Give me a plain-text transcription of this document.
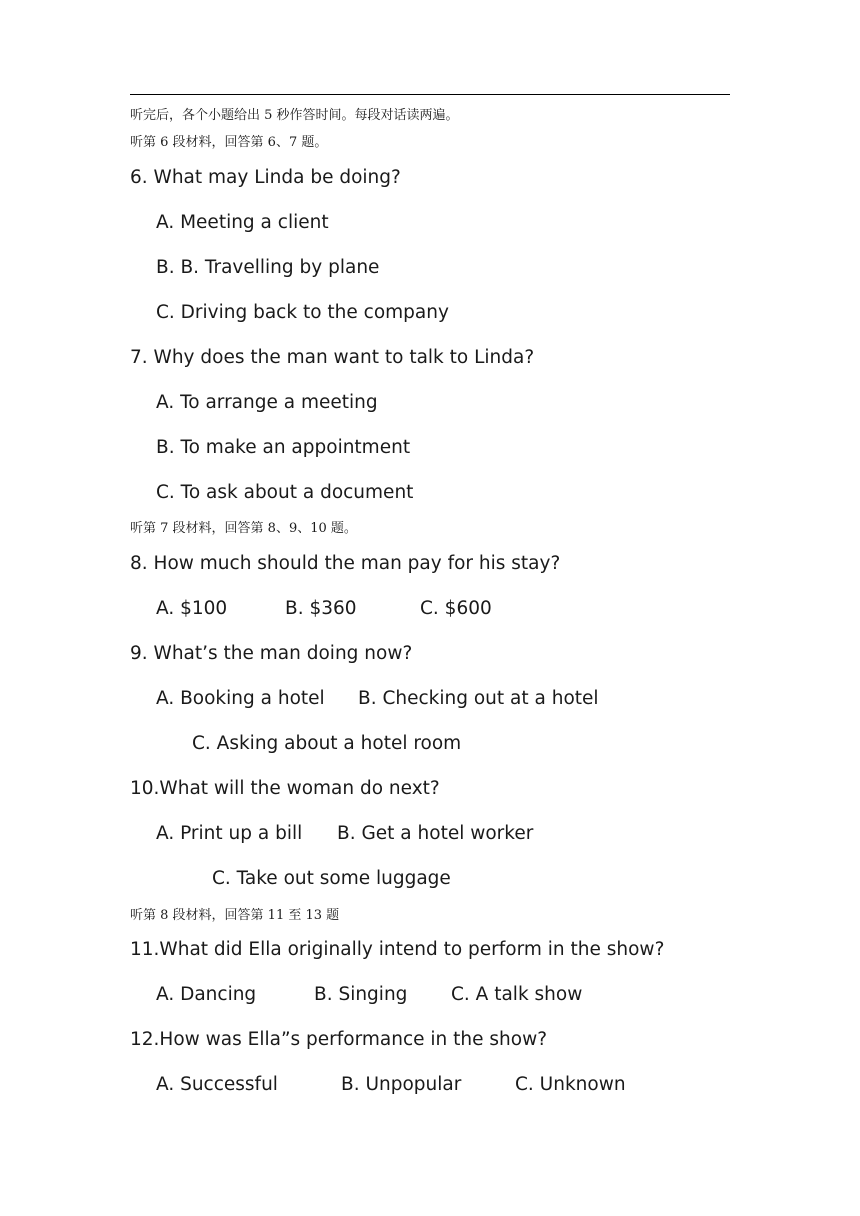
听完后，各个小题给出 5 秒作答时间。每段对话读两遍。
听第 6 段材料，回答第 6、7 题。
6. What may Linda be doing?
A. Meeting a client
B. B. Travelling by plane
C. Driving back to the company
7. Why does the man want to talk to Linda?
A. To arrange a meeting
B. To make an appointment
C. To ask about a document
听第 7 段材料，回答第 8、9、10 题。
8. How much should the man pay for his stay?
A. $100	B. $360	C. $600
9. What’s the man doing now?
A. Booking a hotel B. Checking out at a hotel
C. Asking about a hotel room
10.What will the woman do next?
A. Print up a bill B. Get a hotel worker
C. Take out some luggage
听第 8 段材料，回答第 11 至 13 题
11.What did Ella originally intend to perform in the show?
A. Dancing	B. Singing C. A talk show
12.How was Ella”s performance in the show?
A. Successful	B. Unpopular	C. Unknown
